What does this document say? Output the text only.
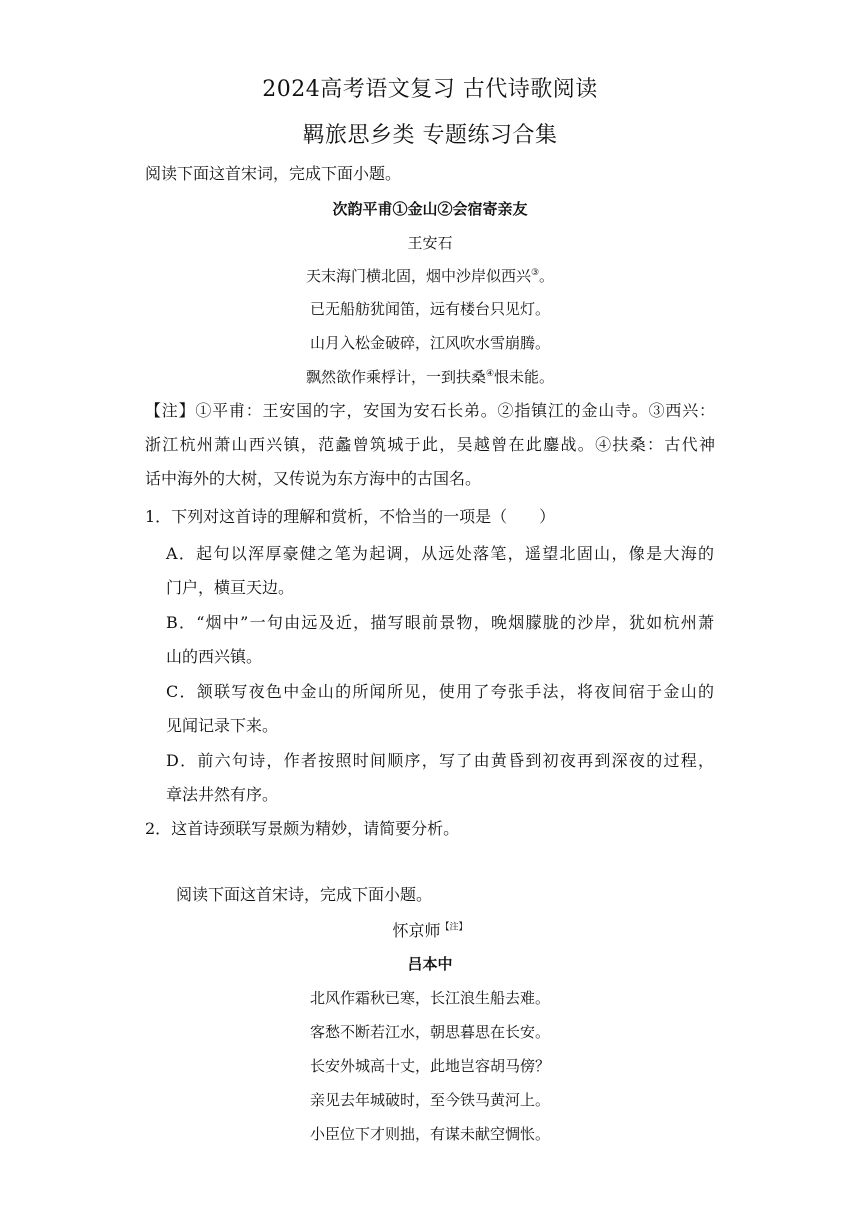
2024高考语文复习 古代诗歌阅读
羁旅思乡类 专题练习合集
阅读下面这首宋词，完成下面小题。
次韵平甫①金山②会宿寄亲友
王安石
天末海门横北固，烟中沙岸似西兴③。
已无船舫犹闻笛，远有楼台只见灯。
山月入松金破碎，江风吹水雪崩腾。
飘然欲作乘桴计，一到扶桑④恨未能。
【注】①平甫：王安国的字，安国为安石长弟。②指镇江的金山寺。③西兴：
浙江杭州萧山西兴镇，范蠡曾筑城于此，吴越曾在此鏖战。④扶桑：古代神
话中海外的大树，又传说为东方海中的古国名。
1．下列对这首诗的理解和赏析，不恰当的一项是（　　）
A．起句以浑厚豪健之笔为起调，从远处落笔，遥望北固山，像是大海的
门户，横亘天边。
B．“烟中”一句由远及近，描写眼前景物，晚烟朦胧的沙岸，犹如杭州萧
山的西兴镇。
C．颔联写夜色中金山的所闻所见，使用了夸张手法，将夜间宿于金山的
见闻记录下来。
D．前六句诗，作者按照时间顺序，写了由黄昏到初夜再到深夜的过程，
章法井然有序。
2．这首诗颈联写景颇为精妙，请简要分析。
阅读下面这首宋诗，完成下面小题。
怀京师$^{【注】}$
吕本中
北风作霜秋已寒，长江浪生船去难。
客愁不断若江水，朝思暮思在长安。
长安外城高十丈，此地岂容胡马傍？
亲见去年城破时，至今铁马黄河上。
小臣位下才则拙，有谋未献空惆怅。
